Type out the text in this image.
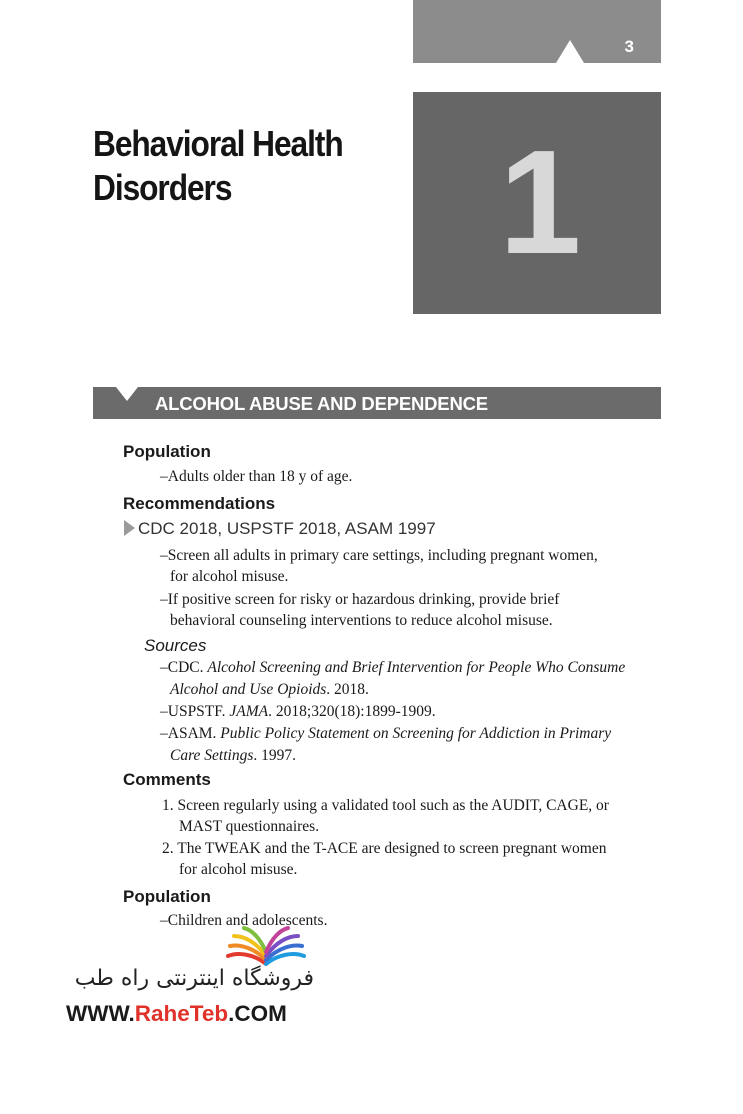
3
Behavioral Health
Disorders	1
ALCOHOL ABUSE AND DEPENDENCE
Population
–Adults older than 18 y of age.
Recommendations
CDC 2018, USPSTF 2018, ASAM 1997
–Screen all adults in primary care settings, including pregnant women,
for alcohol misuse.
–If positive screen for risky or hazardous drinking, provide brief
behavioral counseling interventions to reduce alcohol misuse.
Sources
–CDC. Alcohol Screening and Brief Intervention for People Who Consume
Alcohol and Use Opioids. 2018.
–USPSTF. JAMA. 2018;320(18):1899-1909.
–ASAM. Public Policy Statement on Screening for Addiction in Primary
Care Settings. 1997.
Comments
1. Screen regularly using a validated tool such as the AUDIT, CAGE, or
MAST questionnaires.
2. The TWEAK and the T-ACE are designed to screen pregnant women
for alcohol misuse.
Population
–Children and adolescents.
فروشگاه اینترنتی راه طب
WWW.RaheTeb.COM
